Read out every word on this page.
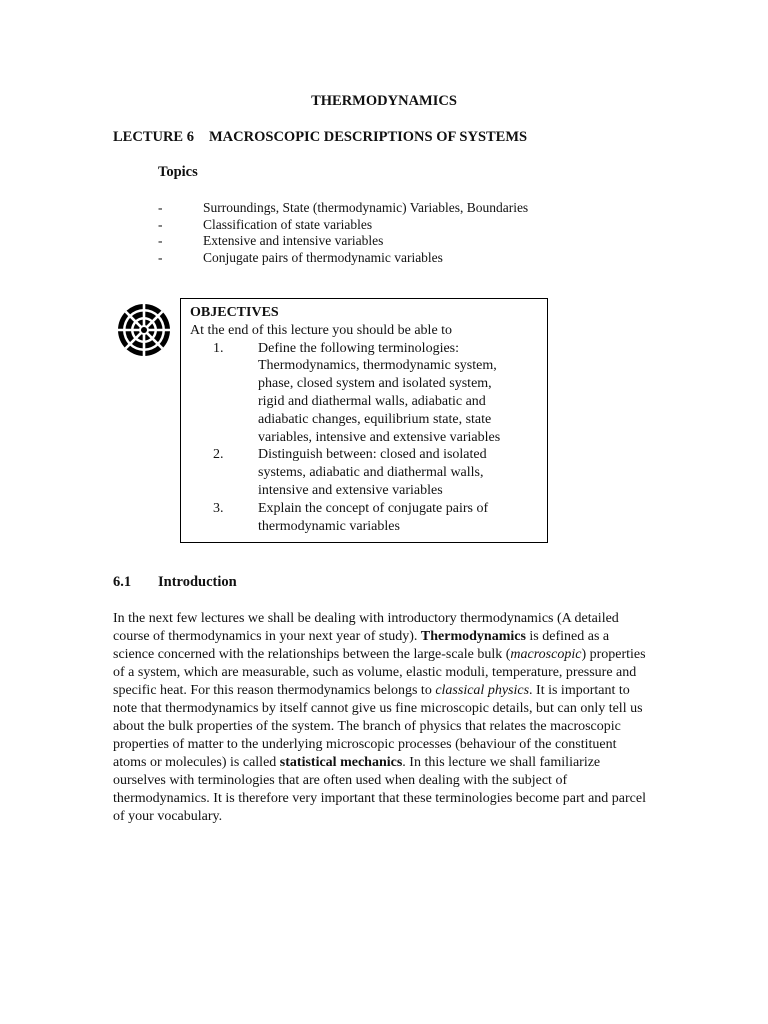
THERMODYNAMICS
LECTURE 6 MACROSCOPIC DESCRIPTIONS OF SYSTEMS
Topics
-	Surroundings, State (thermodynamic) Variables, Boundaries
-	Classification of state variables
-	Extensive and intensive variables
-	Conjugate pairs of thermodynamic variables
OBJECTIVES
At the end of this lecture you should be able to
1.	Define the following terminologies:
Thermodynamics, thermodynamic system,
phase, closed system and isolated system,
rigid and diathermal walls, adiabatic and
adiabatic changes, equilibrium state, state
variables, intensive and extensive variables
2.	Distinguish between: closed and isolated
systems, adiabatic and diathermal walls,
intensive and extensive variables
3.	Explain the concept of conjugate pairs of
thermodynamic variables
6.1 Introduction

In the next few lectures we shall be dealing with introductory thermodynamics (A detailed course of thermodynamics in your next year of study). Thermodynamics is defined as a science concerned with the relationships between the large-scale bulk (macroscopic) properties of a system, which are measurable, such as volume, elastic moduli, temperature, pressure and specific heat. For this reason thermodynamics belongs to classical physics. It is important to note that thermodynamics by itself cannot give us fine microscopic details, but can only tell us about the bulk properties of the system. The branch of physics that relates the macroscopic properties of matter to the underlying microscopic processes (behaviour of the constituent atoms or molecules) is called statistical mechanics. In this lecture we shall familiarize ourselves with terminologies that are often used when dealing with the subject of thermodynamics. It is therefore very important that these terminologies become part and parcel of your vocabulary.
